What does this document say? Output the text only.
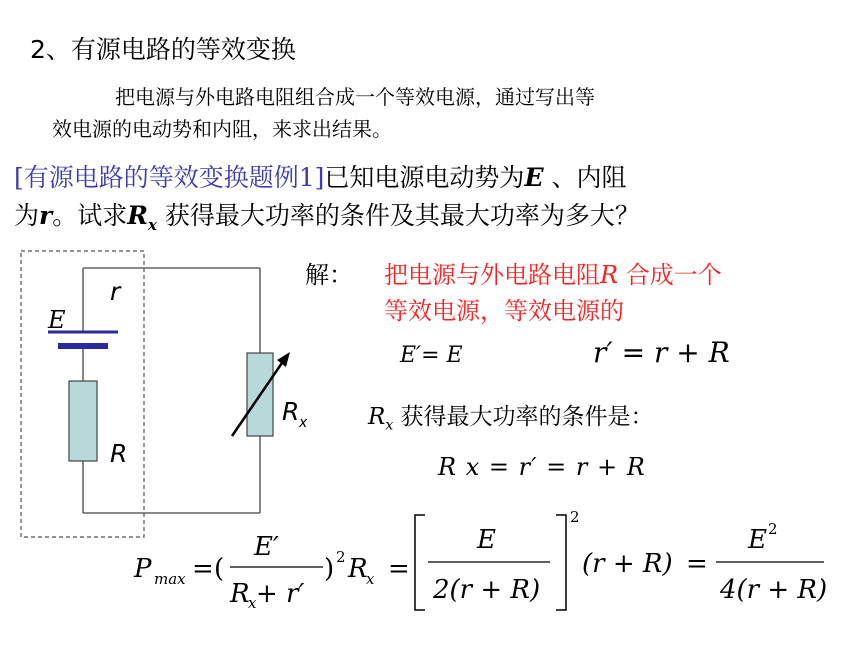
2、有源电路的等效变换
把电源与外电路电阻组合成一个等效电源，通过写出等
效电源的电动势和内阻，来求出结果。
[有源电路的等效变换题例1]已知电源电动势为E 、内阻
为r。试求$R_x$ 获得最大功率的条件及其最大功率为多大？
r
E
R
R x
解： 把电源与外电路电阻R 合成一个
等效电源，等效电源的
E′= E	r′ = r + R
$R_x$ 获得最大功率的条件是：
R x = r′ = r + R
P max = (
E′
R
x + r′
) 2 R
x =
E
2(r + R)
2
(r + R) =
E 2
4(r + R)
